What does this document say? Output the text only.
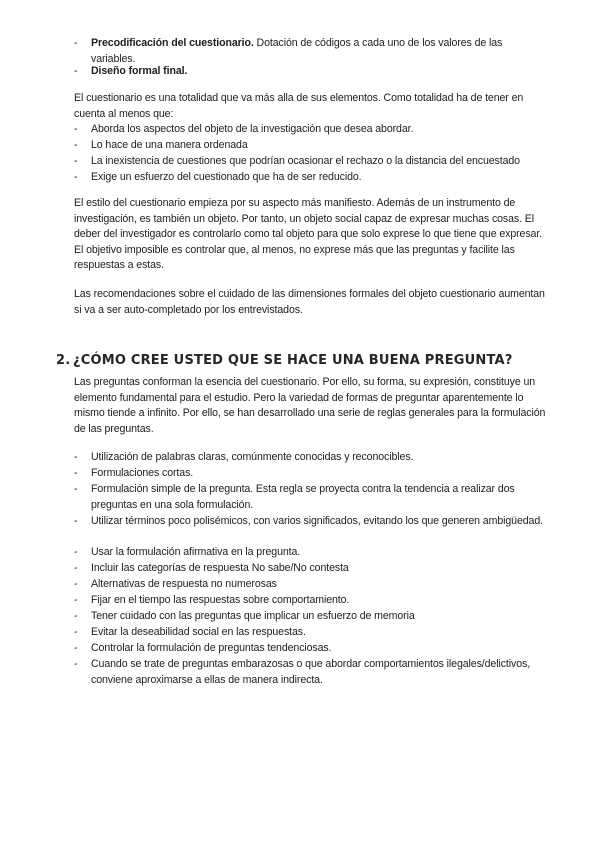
- Precodificación del cuestionario. Dotación de códigos a cada uno de los valores de las variables.
- Diseño formal final.
El cuestionario es una totalidad que va más alla de sus elementos. Como totalidad ha de tener en cuenta al menos que:
- Aborda los aspectos del objeto de la investigación que desea abordar.
- Lo hace de una manera ordenada
- La inexistencia de cuestiones que podrían ocasionar el rechazo o la distancia del encuestado
- Exige un esfuerzo del cuestionado que ha de ser reducido.
El estilo del cuestionario empieza por su aspecto más manifiesto. Además de un instrumento de investigación, es también un objeto. Por tanto, un objeto social capaz de expresar muchas cosas. El deber del investigador es controlarlo como tal objeto para que solo exprese lo que tiene que expresar. El objetivo imposible es controlar que, al menos, no exprese más que las preguntas y facilite las respuestas a estas.
Las recomendaciones sobre el cuidado de las dimensiones formales del objeto cuestionario aumentan si va a ser auto-completado por los entrevistados.
2. ¿CÓMO CREE USTED QUE SE HACE UNA BUENA PREGUNTA?
Las preguntas conforman la esencia del cuestionario. Por ello, su forma, su expresión, constituye un elemento fundamental para el estudio. Pero la variedad de formas de preguntar aparentemente lo mismo tiende a infinito. Por ello, se han desarrollado una serie de reglas generales para la formulación de las preguntas.
- Utilización de palabras claras, comúnmente conocidas y reconocibles.
- Formulaciones cortas.
- Formulación simple de la pregunta. Esta regla se proyecta contra la tendencia a realizar dos preguntas en una sola formulación.
- Utilizar términos poco polisémicos, con varios significados, evitando los que generen ambigüedad.
- Usar la formulación afirmativa en la pregunta.
- Incluir las categorías de respuesta No sabe/No contesta
- Alternativas de respuesta no numerosas
- Fijar en el tiempo las respuestas sobre comportamiento.
- Tener cuidado con las preguntas que implicar un esfuerzo de memoria
- Evitar la deseabilidad social en las respuestas.
- Controlar la formulación de preguntas tendenciosas.
- Cuando se trate de preguntas embarazosas o que abordar comportamientos ilegales/delictivos, conviene aproximarse a ellas de manera indirecta.
